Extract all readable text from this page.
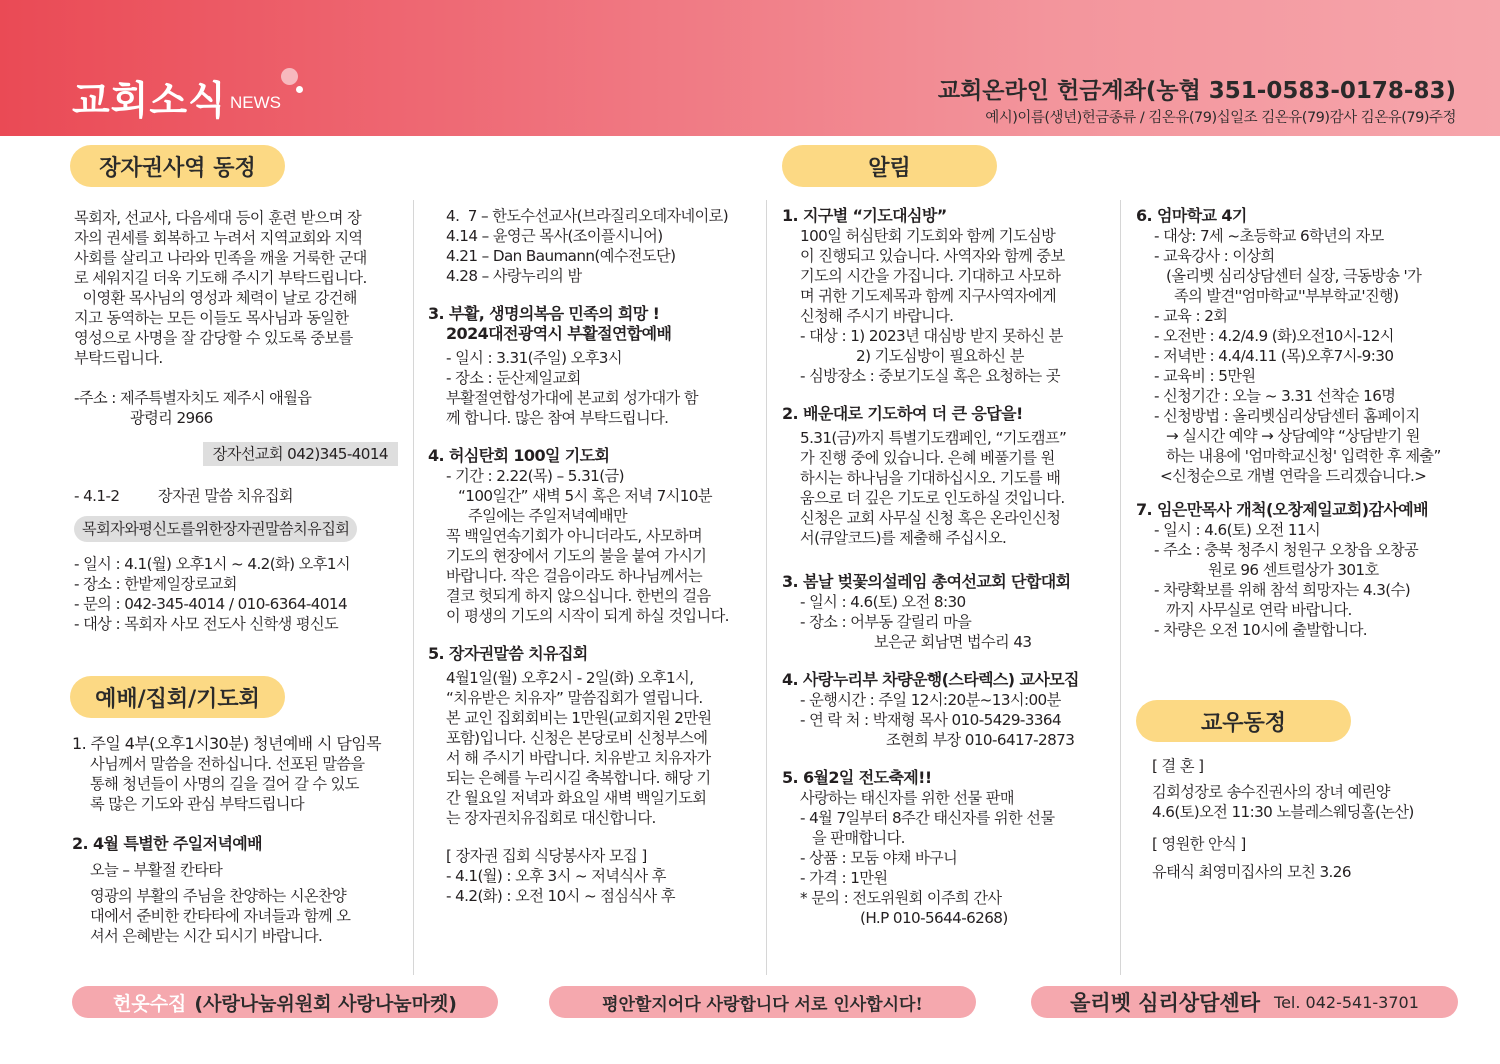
교회소식 NEWS	교회온라인 헌금계좌(농협 351-0583-0178-83)
예시)이름(생년)헌금종류 / 김온유(79)십일조 김온유(79)감사 김온유(79)주정
장자권사역 동정	알림
예배/집회/기도회
교우동정

목회자, 선교사, 다음세대 등이 훈련 받으며 장

자의 권세를 회복하고 누려서 지역교회와 지역

사회를 살리고 나라와 민족을 깨울 거룩한 군대

로 세워지길 더욱 기도해 주시기 부탁드립니다.

이영환 목사님의 영성과 체력이 날로 강건해

지고 동역하는 모든 이들도 목사님과 동일한

영성으로 사명을 잘 감당할 수 있도록 중보를

부탁드립니다.

-주소 : 제주특별자치도 제주시 애월읍

광령리 2966

장자선교회 042)345-4014

- 4.1-2	장자권 말씀 치유집회

목회자와평신도를위한장자권말씀치유집회

- 일시 : 4.1(월) 오후1시 ~ 4.2(화) 오후1시

- 장소 : 한밭제일장로교회

- 문의 : 042-345-4014 / 010-6364-4014

- 대상 : 목회자 사모 전도사 신학생 평신도

1. 주일 4부(오후1시30분) 청년예배 시 담임목

사님께서 말씀을 전하십니다. 선포된 말씀을

통해 청년들이 사명의 길을 걸어 갈 수 있도

록 많은 기도와 관심 부탁드립니다

2. 4월 특별한 주일저녁예배

오늘 – 부활절 칸타타

영광의 부활의 주님을 찬양하는 시온찬양

대에서 준비한 칸타타에 자녀들과 함께 오

셔서 은혜받는 시간 되시기 바랍니다.

4.  7 – 한도수선교사(브라질리오데자네이로)

4.14 – 윤영근 목사(조이플시니어)

4.21 – Dan Baumann(예수전도단)

4.28 – 사랑누리의 밤

3. 부활, 생명의복음 민족의 희망 !

2024대전광역시 부활절연합예배

- 일시 : 3.31(주일) 오후3시

- 장소 : 둔산제일교회

부활절연합성가대에 본교회 성가대가 함

께 합니다. 많은 참여 부탁드립니다.

4. 허심탄회 100일 기도회

- 기간 : 2.22(목) – 5.31(금)

“100일간” 새벽 5시 혹은 저녁 7시10분

주일에는 주일저녁예배만

꼭 백일연속기회가 아니더라도, 사모하며

기도의 현장에서 기도의 불을 붙여 가시기

바랍니다. 작은 걸음이라도 하나님께서는

결코 헛되게 하지 않으십니다. 한번의 걸음

이 평생의 기도의 시작이 되게 하실 것입니다.

5. 장자권말씀 치유집회

4월1일(월) 오후2시 - 2일(화) 오후1시,

“치유받은 치유자” 말씀집회가 열립니다.

본 교인 집회회비는 1만원(교회지원 2만원

포함)입니다. 신청은 본당로비 신청부스에

서 해 주시기 바랍니다. 치유받고 치유자가

되는 은혜를 누리시길 축복합니다. 해당 기

간 월요일 저녁과 화요일 새벽 백일기도회

는 장자권치유집회로 대신합니다.

[ 장자권 집회 식당봉사자 모집 ]

- 4.1(월) : 오후 3시 ~ 저녁식사 후

- 4.2(화) : 오전 10시 ~ 점심식사 후

1. 지구별 “기도대심방”

100일 허심탄회 기도회와 함께 기도심방

이 진행되고 있습니다. 사역자와 함께 중보

기도의 시간을 가집니다. 기대하고 사모하

며 귀한 기도제목과 함께 지구사역자에게

신청해 주시기 바랍니다.

- 대상 : 1) 2023년 대심방 받지 못하신 분

2) 기도심방이 필요하신 분

- 심방장소 : 중보기도실 혹은 요청하는 곳

2. 배운대로 기도하여 더 큰 응답을!

5.31(금)까지 특별기도캠페인, “기도캠프”

가 진행 중에 있습니다. 은혜 베풀기를 원

하시는 하나님을 기대하십시오. 기도를 배

움으로 더 깊은 기도로 인도하실 것입니다.

신청은 교회 사무실 신청 혹은 온라인신청

서(큐알코드)를 제출해 주십시오.

3. 봄날 벚꽃의설레임 총여선교회 단합대회

- 일시 : 4.6(토) 오전 8:30

- 장소 : 어부동 갈릴리 마을

보은군 회남면 법수리 43

4. 사랑누리부 차량운행(스타렉스) 교사모집

- 운행시간 : 주일 12시:20분~13시:00분

- 연 락 처 : 박재형 목사 010-5429-3364

조현희 부장 010-6417-2873

5. 6월2일 전도축제!!

사랑하는 태신자를 위한 선물 판매

- 4월 7일부터 8주간 태신자를 위한 선물

을 판매합니다.

- 상품 : 모둠 야채 바구니

- 가격 : 1만원

* 문의 : 전도위원회 이주희 간사

(H.P 010-5644-6268)

6. 엄마학교 4기

- 대상: 7세 ~초등학교 6학년의 자모

- 교육강사 : 이상희

(올리벳 심리상담센터 실장, 극동방송 '가

족의 발견''엄마학교''부부학교'진행)

- 교육 : 2회

- 오전반 : 4.2/4.9 (화)오전10시-12시

- 저녁반 : 4.4/4.11 (목)오후7시-9:30

- 교육비 : 5만원

- 신청기간 : 오늘 ~ 3.31 선착순 16명

- 신청방법 : 올리벳심리상담센터 홈페이지

→ 실시간 예약 → 상담예약 “상담받기 원

하는 내용에 '엄마학교신청' 입력한 후 제출”

<신청순으로 개별 연락을 드리겠습니다.>

7. 임은만목사 개척(오창제일교회)감사예배

- 일시 : 4.6(토) 오전 11시

- 주소 : 충북 청주시 청원구 오창읍 오창공

원로 96 센트럴상가 301호

- 차량확보를 위해 참석 희망자는 4.3(수)

까지 사무실로 연락 바랍니다.

- 차량은 오전 10시에 출발합니다.

[ 결 혼 ]

김회성장로 송수진권사의 장녀 예린양

4.6(토)오전 11:30 노블레스웨딩홀(논산)

[ 영원한 안식 ]

유태식 최영미집사의 모친 3.26

헌옷수집 (사랑나눔위원회 사랑나눔마켓)	평안할지어다 사랑합니다 서로 인사합시다!	올리벳 심리상담센타 Tel. 042-541-3701
